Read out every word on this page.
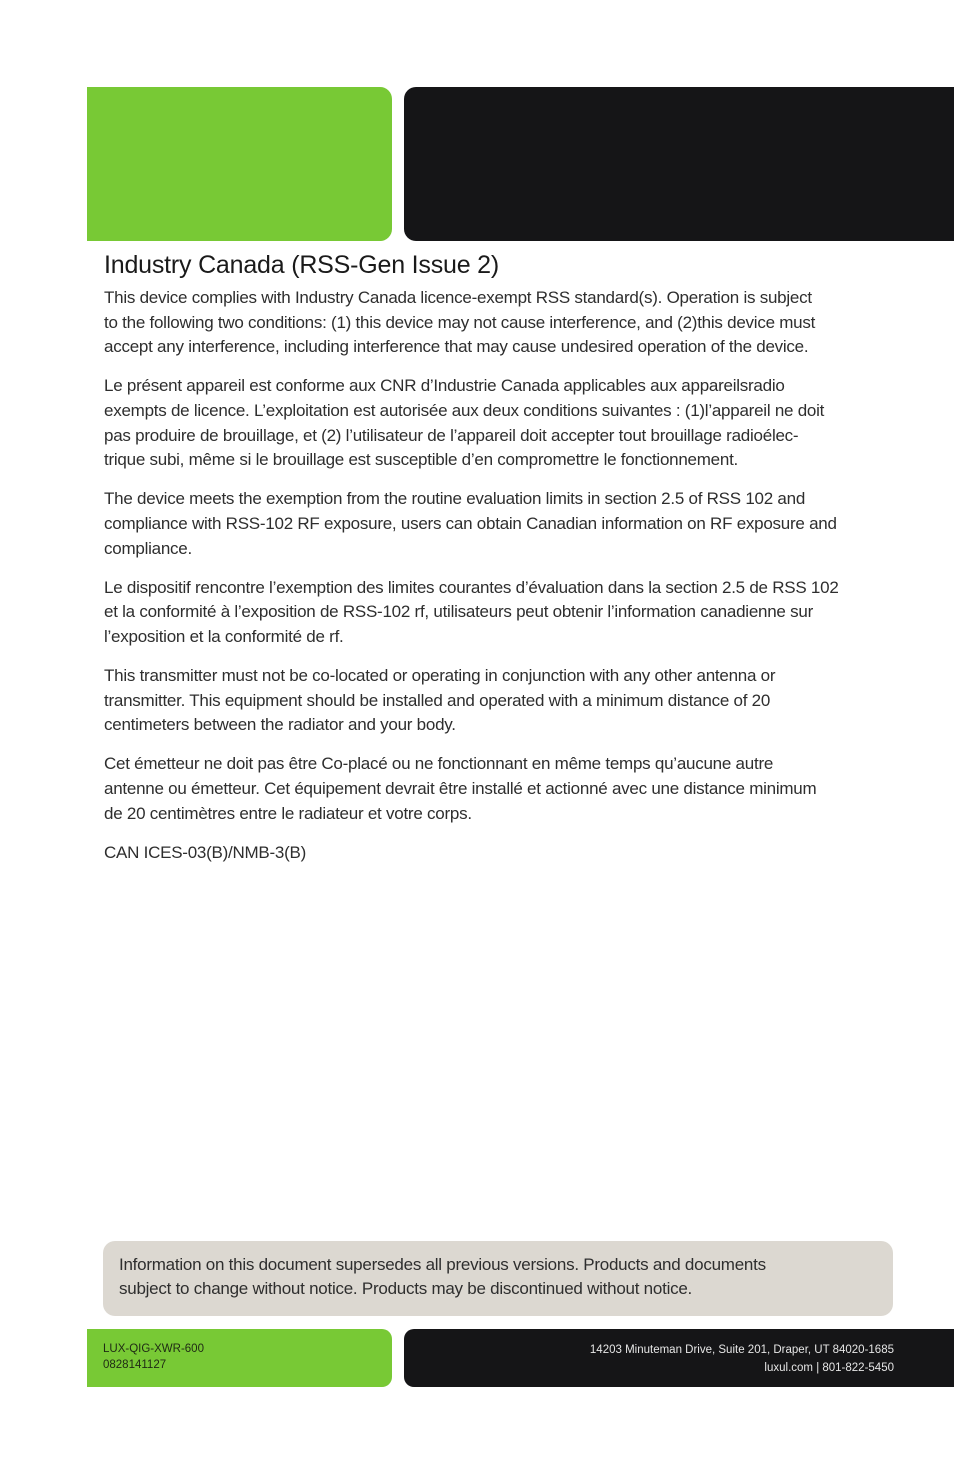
Industry Canada (RSS-Gen Issue 2)

This device complies with Industry Canada licence-exempt RSS standard(s). Operation is subject
to the following two conditions: (1) this device may not cause interference, and (2)this device must
accept any interference, including interference that may cause undesired operation of the device.

Le présent appareil est conforme aux CNR d’Industrie Canada applicables aux appareilsradio
exempts de licence. L’exploitation est autorisée aux deux conditions suivantes : (1)l’appareil ne doit
pas produire de brouillage, et (2) l’utilisateur de l’appareil doit accepter tout brouillage radioélec-
trique subi, même si le brouillage est susceptible d’en compromettre le fonctionnement.

The device meets the exemption from the routine evaluation limits in section 2.5 of RSS 102 and
compliance with RSS-102 RF exposure, users can obtain Canadian information on RF exposure and
compliance.

Le dispositif rencontre l’exemption des limites courantes d’évaluation dans la section 2.5 de RSS 102
et la conformité à l’exposition de RSS-102 rf, utilisateurs peut obtenir l’information canadienne sur
l’exposition et la conformité de rf.

This transmitter must not be co-located or operating in conjunction with any other antenna or
transmitter. This equipment should be installed and operated with a minimum distance of 20
centimeters between the radiator and your body.

Cet émetteur ne doit pas être Co-placé ou ne fonctionnant en même temps qu’aucune autre
antenne ou émetteur. Cet équipement devrait être installé et actionné avec une distance minimum
de 20 centimètres entre le radiateur et votre corps.

CAN ICES-03(B)/NMB-3(B)

Information on this document supersedes all previous versions. Products and documents
subject to change without notice. Products may be discontinued without notice.
LUX-QIG-XWR-600
0828141127
14203 Minuteman Drive, Suite 201, Draper, UT 84020-1685
luxul.com | 801-822-5450
